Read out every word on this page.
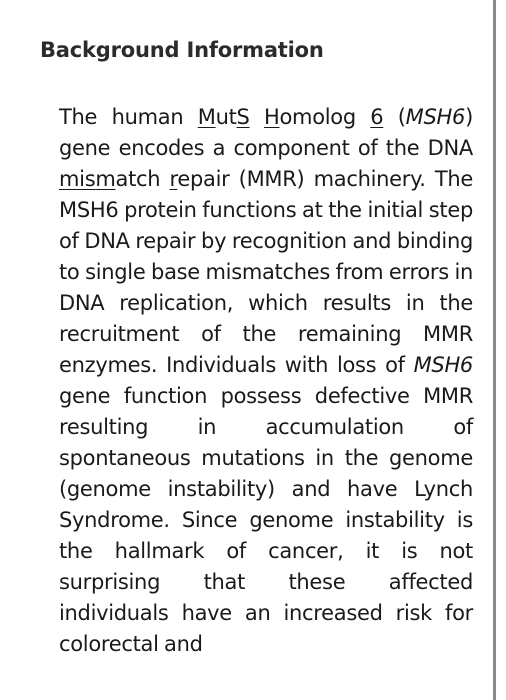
Background Information

The human MutS Homolog 6 (MSH6) gene encodes a component of the DNA mismatch repair (MMR) machinery. The MSH6 protein functions at the initial step of DNA repair by recognition and binding to single base mismatches from errors in DNA replication, which results in the recruitment of the remaining MMR enzymes. Individuals with loss of MSH6 gene function possess defective MMR resulting in accumulation of spontaneous mutations in the genome (genome instability) and have Lynch Syndrome. Since genome instability is the hallmark of cancer, it is not surprising that these affected individuals have an increased risk for colorectal and
